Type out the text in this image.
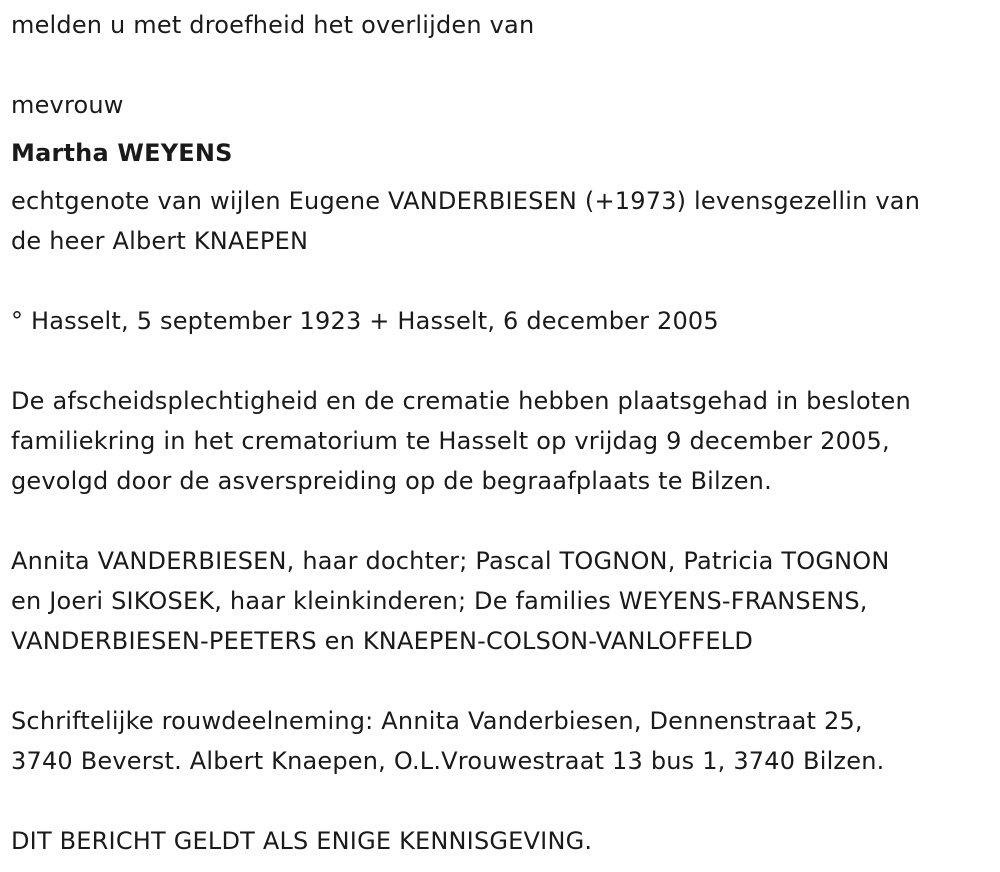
melden u met droefheid het overlijden van
mevrouw
Martha WEYENS
echtgenote van wijlen Eugene VANDERBIESEN (+1973) levensgezellin van
de heer Albert KNAEPEN
° Hasselt, 5 september 1923 + Hasselt, 6 december 2005
De afscheidsplechtigheid en de crematie hebben plaatsgehad in besloten
familiekring in het crematorium te Hasselt op vrijdag 9 december 2005,
gevolgd door de asverspreiding op de begraafplaats te Bilzen.
Annita VANDERBIESEN, haar dochter; Pascal TOGNON, Patricia TOGNON
en Joeri SIKOSEK, haar kleinkinderen; De families WEYENS-FRANSENS,
VANDERBIESEN-PEETERS en KNAEPEN-COLSON-VANLOFFELD
Schriftelijke rouwdeelneming: Annita Vanderbiesen, Dennenstraat 25,
3740 Beverst. Albert Knaepen, O.L.Vrouwestraat 13 bus 1, 3740 Bilzen.
DIT BERICHT GELDT ALS ENIGE KENNISGEVING.
